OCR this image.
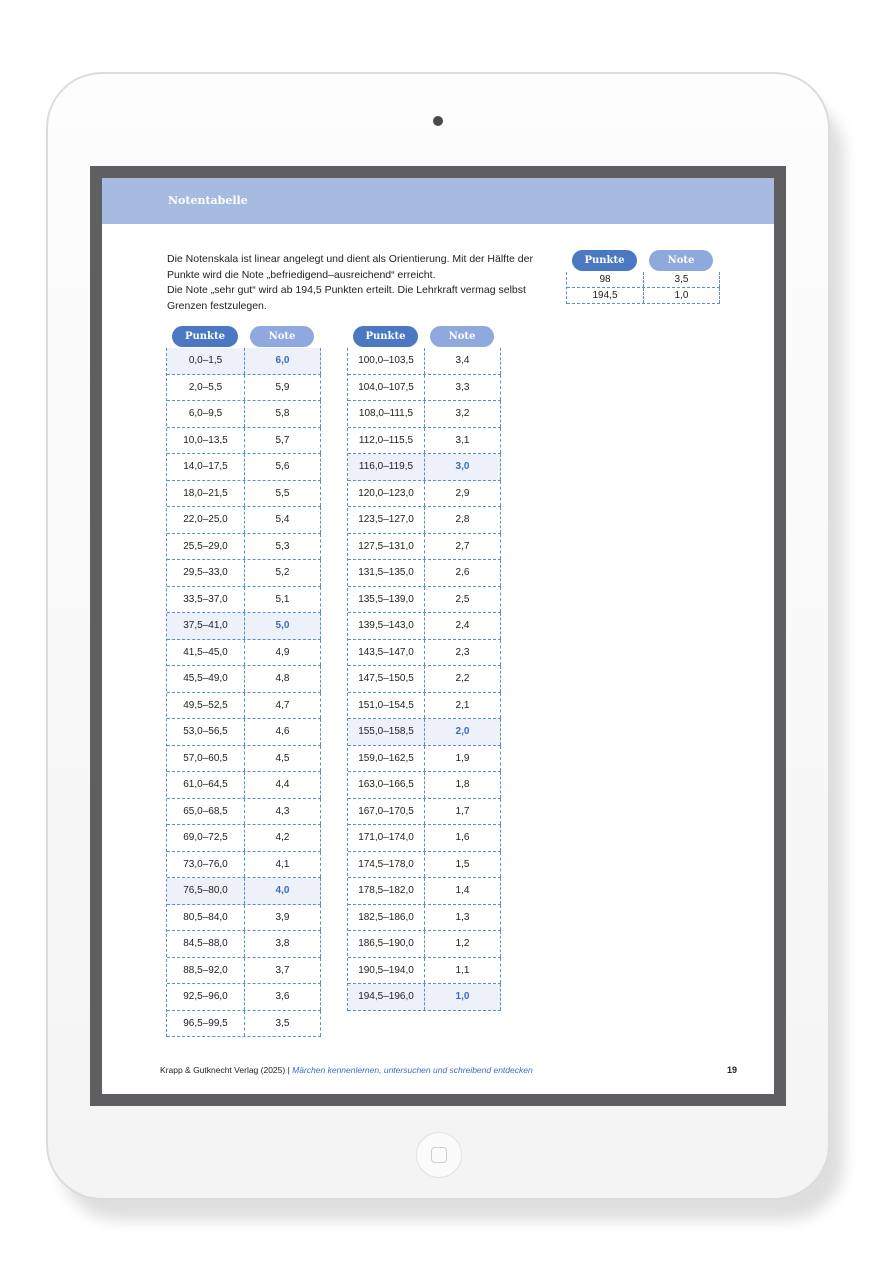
Notentabelle

Die Notenskala ist linear angelegt und dient als Orientierung. Mit der Hälfte der Punkte wird die Note „befriedigend–ausreichend“ erreicht.

Die Note „sehr gut“ wird ab 194,5 Punkten erteilt. Die Lehrkraft vermag selbst Grenzen festzulegen.

Punkte	Note
98	3,5
194,5	1,0
Punkte	Note
0,0–1,5	6,0
2,0–5,5	5,9
6,0–9,5	5,8
10,0–13,5	5,7
14,0–17,5	5,6
18,0–21,5	5,5
22,0–25,0	5,4
25,5–29,0	5,3
29,5–33,0	5,2
33,5–37,0	5,1
37,5–41,0	5,0
41,5–45,0	4,9
45,5–49,0	4,8
49,5–52,5	4,7
53,0–56,5	4,6
57,0–60,5	4,5
61,0–64,5	4,4
65,0–68,5	4,3
69,0–72,5	4,2
73,0–76,0	4,1
76,5–80,0	4,0
80,5–84,0	3,9
84,5–88,0	3,8
88,5–92,0	3,7
92,5–96,0	3,6
96,5–99,5	3,5
Punkte	Note
100,0–103,5	3,4
104,0–107,5	3,3
108,0–111,5	3,2
112,0–115,5	3,1
116,0–119,5	3,0
120,0–123,0	2,9
123,5–127,0	2,8
127,5–131,0	2,7
131,5–135,0	2,6
135,5–139,0	2,5
139,5–143,0	2,4
143,5–147,0	2,3
147,5–150,5	2,2
151,0–154,5	2,1
155,0–158,5	2,0
159,0–162,5	1,9
163,0–166,5	1,8
167,0–170,5	1,7
171,0–174,0	1,6
174,5–178,0	1,5
178,5–182,0	1,4
182,5–186,0	1,3
186,5–190,0	1,2
190,5–194,0	1,1
194,5–196,0	1,0
Krapp & Gutknecht Verlag (2025) | Märchen kennenlernen, untersuchen und schreibend entdecken	19
